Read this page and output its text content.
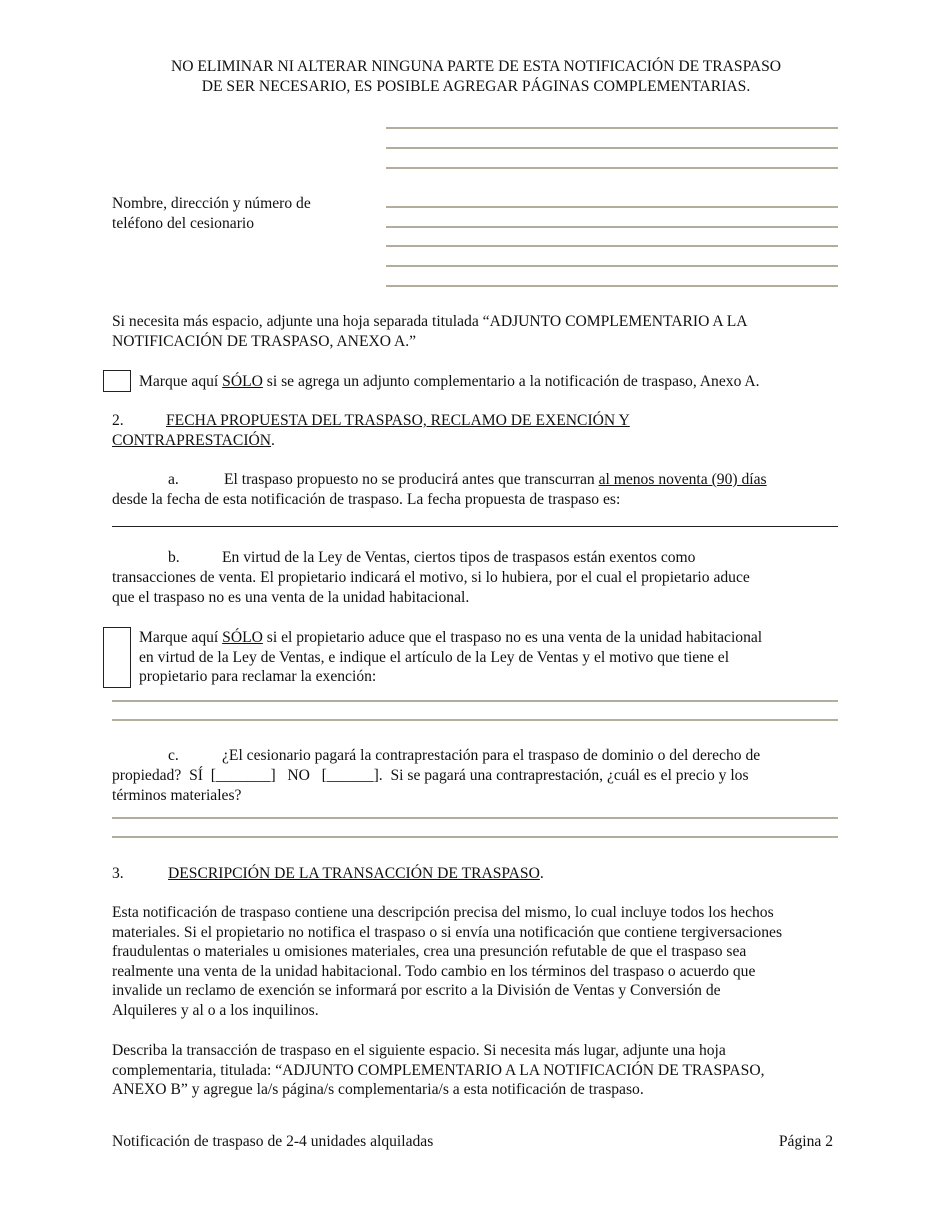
NO ELIMINAR NI ALTERAR NINGUNA PARTE DE ESTA NOTIFICACIÓN DE TRASPASO
DE SER NECESARIO, ES POSIBLE AGREGAR PÁGINAS COMPLEMENTARIAS.
Nombre, dirección y número de
teléfono del cesionario
Si necesita más espacio, adjunte una hoja separada titulada “ADJUNTO COMPLEMENTARIO A LA
NOTIFICACIÓN DE TRASPASO, ANEXO A.”
Marque aquí SÓLO si se agrega un adjunto complementario a la notificación de traspaso, Anexo A.
2.	FECHA PROPUESTA DEL TRASPASO, RECLAMO DE EXENCIÓN Y
CONTRAPRESTACIÓN.
a.	El traspaso propuesto no se producirá antes que transcurran al menos noventa (90) días
desde la fecha de esta notificación de traspaso. La fecha propuesta de traspaso es:
b.	En virtud de la Ley de Ventas, ciertos tipos de traspasos están exentos como
transacciones de venta. El propietario indicará el motivo, si lo hubiera, por el cual el propietario aduce
que el traspaso no es una venta de la unidad habitacional.
Marque aquí SÓLO si el propietario aduce que el traspaso no es una venta de la unidad habitacional
en virtud de la Ley de Ventas, e indique el artículo de la Ley de Ventas y el motivo que tiene el
propietario para reclamar la exención:
c.	¿El cesionario pagará la contraprestación para el traspaso de dominio o del derecho de
propiedad?  SÍ  [_______]   NO   [______].  Si se pagará una contraprestación, ¿cuál es el precio y los
términos materiales?
3.	DESCRIPCIÓN DE LA TRANSACCIÓN DE TRASPASO.
Esta notificación de traspaso contiene una descripción precisa del mismo, lo cual incluye todos los hechos
materiales. Si el propietario no notifica el traspaso o si envía una notificación que contiene tergiversaciones
fraudulentas o materiales u omisiones materiales, crea una presunción refutable de que el traspaso sea
realmente una venta de la unidad habitacional. Todo cambio en los términos del traspaso o acuerdo que
invalide un reclamo de exención se informará por escrito a la División de Ventas y Conversión de
Alquileres y al o a los inquilinos.
Describa la transacción de traspaso en el siguiente espacio. Si necesita más lugar, adjunte una hoja
complementaria, titulada: “ADJUNTO COMPLEMENTARIO A LA NOTIFICACIÓN DE TRASPASO,
ANEXO B” y agregue la/s página/s complementaria/s a esta notificación de traspaso.
Notificación de traspaso de 2-4 unidades alquiladas	Página 2
